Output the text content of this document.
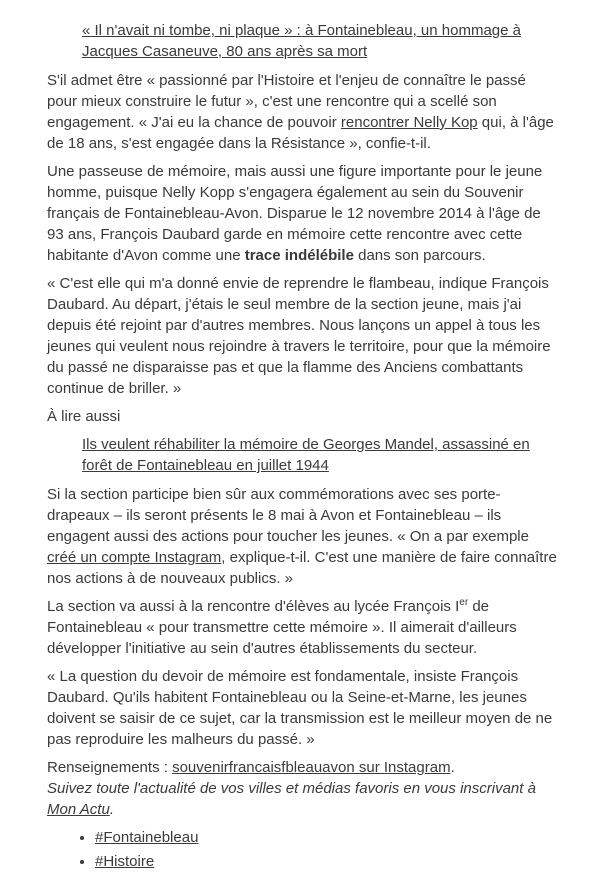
« Il n'avait ni tombe, ni plaque » : à Fontainebleau, un hommage à Jacques Casaneuve, 80 ans après sa mort

S'il admet être « passionné par l'Histoire et l'enjeu de connaître le passé pour mieux construire le futur », c'est une rencontre qui a scellé son engagement. « J'ai eu la chance de pouvoir rencontrer Nelly Kop qui, à l'âge de 18 ans, s'est engagée dans la Résistance », confie-t-il.

Une passeuse de mémoire, mais aussi une figure importante pour le jeune homme, puisque Nelly Kopp s'engagera également au sein du Souvenir français de Fontainebleau-Avon. Disparue le 12 novembre 2014 à l'âge de 93 ans, François Daubard garde en mémoire cette rencontre avec cette habitante d'Avon comme une trace indélébile dans son parcours.

« C'est elle qui m'a donné envie de reprendre le flambeau, indique François Daubard. Au départ, j'étais le seul membre de la section jeune, mais j'ai depuis été rejoint par d'autres membres. Nous lançons un appel à tous les jeunes qui veulent nous rejoindre à travers le territoire, pour que la mémoire du passé ne disparaisse pas et que la flamme des Anciens combattants continue de briller. »

À lire aussi

Ils veulent réhabiliter la mémoire de Georges Mandel, assassiné en forêt de Fontainebleau en juillet 1944

Si la section participe bien sûr aux commémorations avec ses porte-drapeaux – ils seront présents le 8 mai à Avon et Fontainebleau – ils engagent aussi des actions pour toucher les jeunes. « On a par exemple créé un compte Instagram, explique-t-il. C'est une manière de faire connaître nos actions à de nouveaux publics. »

La section va aussi à la rencontre d'élèves au lycée François Ier de Fontainebleau « pour transmettre cette mémoire ». Il aimerait d'ailleurs développer l'initiative au sein d'autres établissements du secteur.

« La question du devoir de mémoire est fondamentale, insiste François Daubard. Qu'ils habitent Fontainebleau ou la Seine-et-Marne, les jeunes doivent se saisir de ce sujet, car la transmission est le meilleur moyen de ne pas reproduire les malheurs du passé. »

Renseignements : souvenirfrancaisfbleauavon sur Instagram.

Suivez toute l'actualité de vos villes et médias favoris en vous inscrivant à Mon Actu.

• #Fontainebleau
• #Histoire
